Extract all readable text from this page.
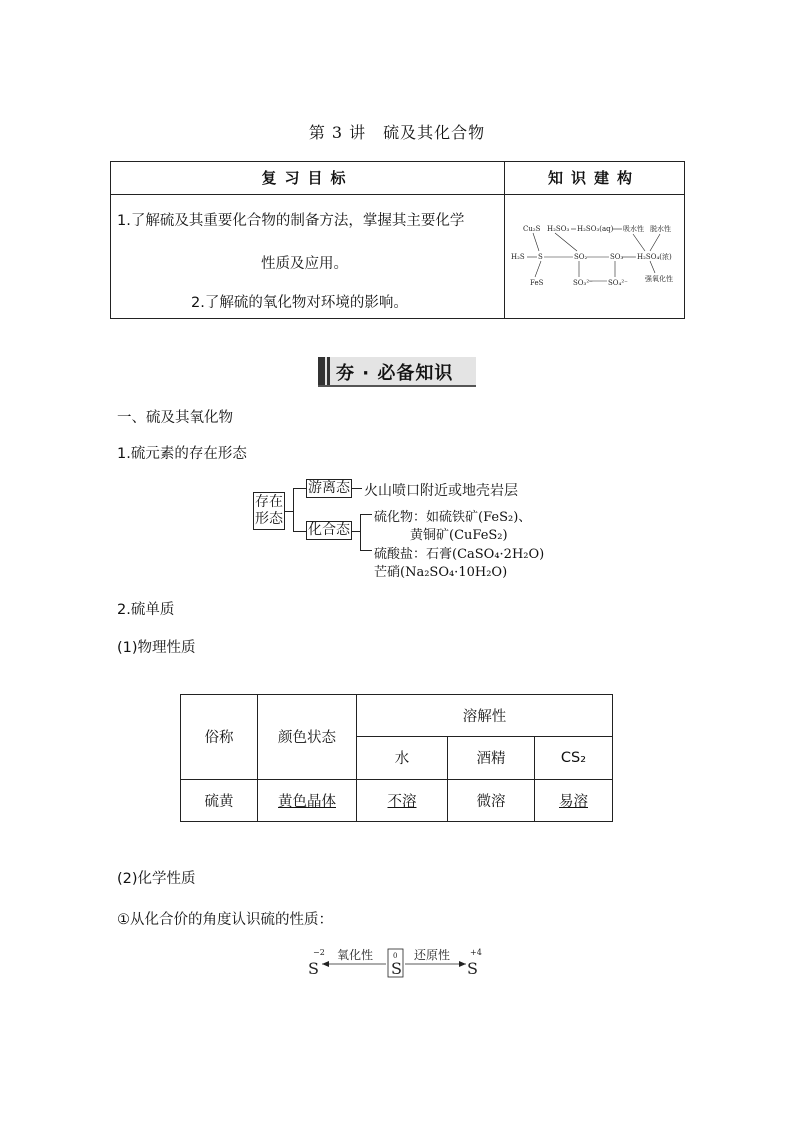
第 3 讲　硫及其化合物
复习目标	知识建构
1.了解硫及其重要化合物的制备方法，掌握其主要化学
性质及应用。
2.了解硫的氧化物对环境的影响。
Cu₂S H₂SO₃ H₂SO₃(aq) 吸水性 脱水性
H₂S S	SO₂	SO₃ H₂SO₄(浓)
FeS	SO₃²⁻ SO₄²⁻ 强氧化性
夯 · 必备知识
一、硫及其氧化物
1.硫元素的存在形态
存在
形态
游离态 火山喷口附近或地壳岩层
化合态
硫化物：如硫铁矿(FeS₂)、
黄铜矿(CuFeS₂)
硫酸盐：石膏(CaSO₄·2H₂O)
芒硝(Na₂SO₄·10H₂O)
2.硫单质
(1)物理性质
俗称	颜色状态	溶解性		
		水	酒精	CS₂
硫黄	黄色晶体	不溶	微溶	易溶
(2)化学性质
①从化合价的角度认识硫的性质：
S
−2 氧化性
S
0 还原性
S
+4
